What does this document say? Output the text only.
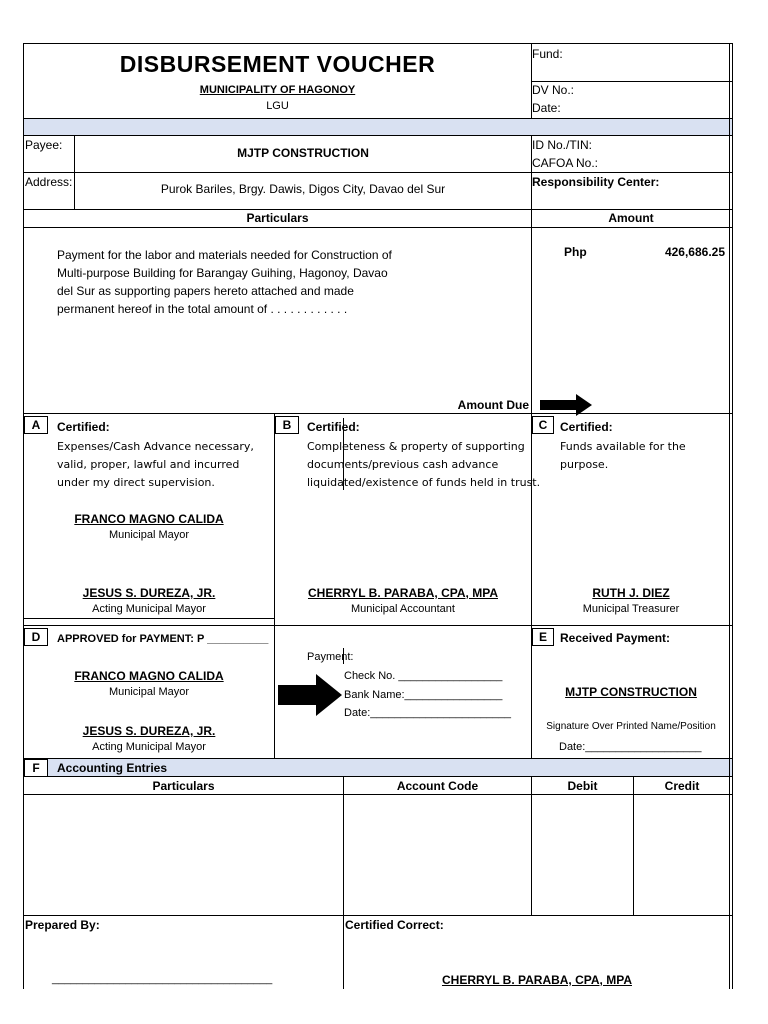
DISBURSEMENT VOUCHER
MUNICIPALITY OF HAGONOY
LGU
Fund:
DV No.:
Date:
Payee:
MJTP CONSTRUCTION
ID No./TIN:
CAFOA No.:
Address:	Purok Bariles, Brgy. Dawis, Digos City, Davao del Sur	Responsibility Center:
Particulars	Amount
Payment for the labor and materials needed for Construction of
Multi-purpose Building for Barangay Guihing, Hagonoy, Davao
del Sur as supporting papers hereto attached and made
permanent hereof in the total amount of . . . . . . . . . . . .
Php	426,686.25
Amount Due
A	Certified:
Expenses/Cash Advance necessary,
valid, proper, lawful and incurred
under my direct supervision.
FRANCO MAGNO CALIDA
Municipal Mayor
JESUS S. DUREZA, JR.
Acting Municipal Mayor
B	Certified:
Completeness & property of supporting
documents/previous cash advance
liquidated/existence of funds held in trust.
CHERRYL B. PARABA, CPA, MPA
Municipal Accountant
C	Certified:
Funds available for the
purpose.
RUTH J. DIEZ
Municipal Treasurer
D	APPROVED for PAYMENT: P __________
FRANCO MAGNO CALIDA
Municipal Mayor
JESUS S. DUREZA, JR.
Acting Municipal Mayor
Payment:
Check No. _________________
Bank Name:________________
Date:_______________________
E	Received Payment:
MJTP CONSTRUCTION
Signature Over Printed Name/Position
Date:___________________
F	Accounting Entries
Particulars	Account Code	Debit	Credit
Prepared By:
____________________________________
Certified Correct:
CHERRYL B. PARABA, CPA, MPA
